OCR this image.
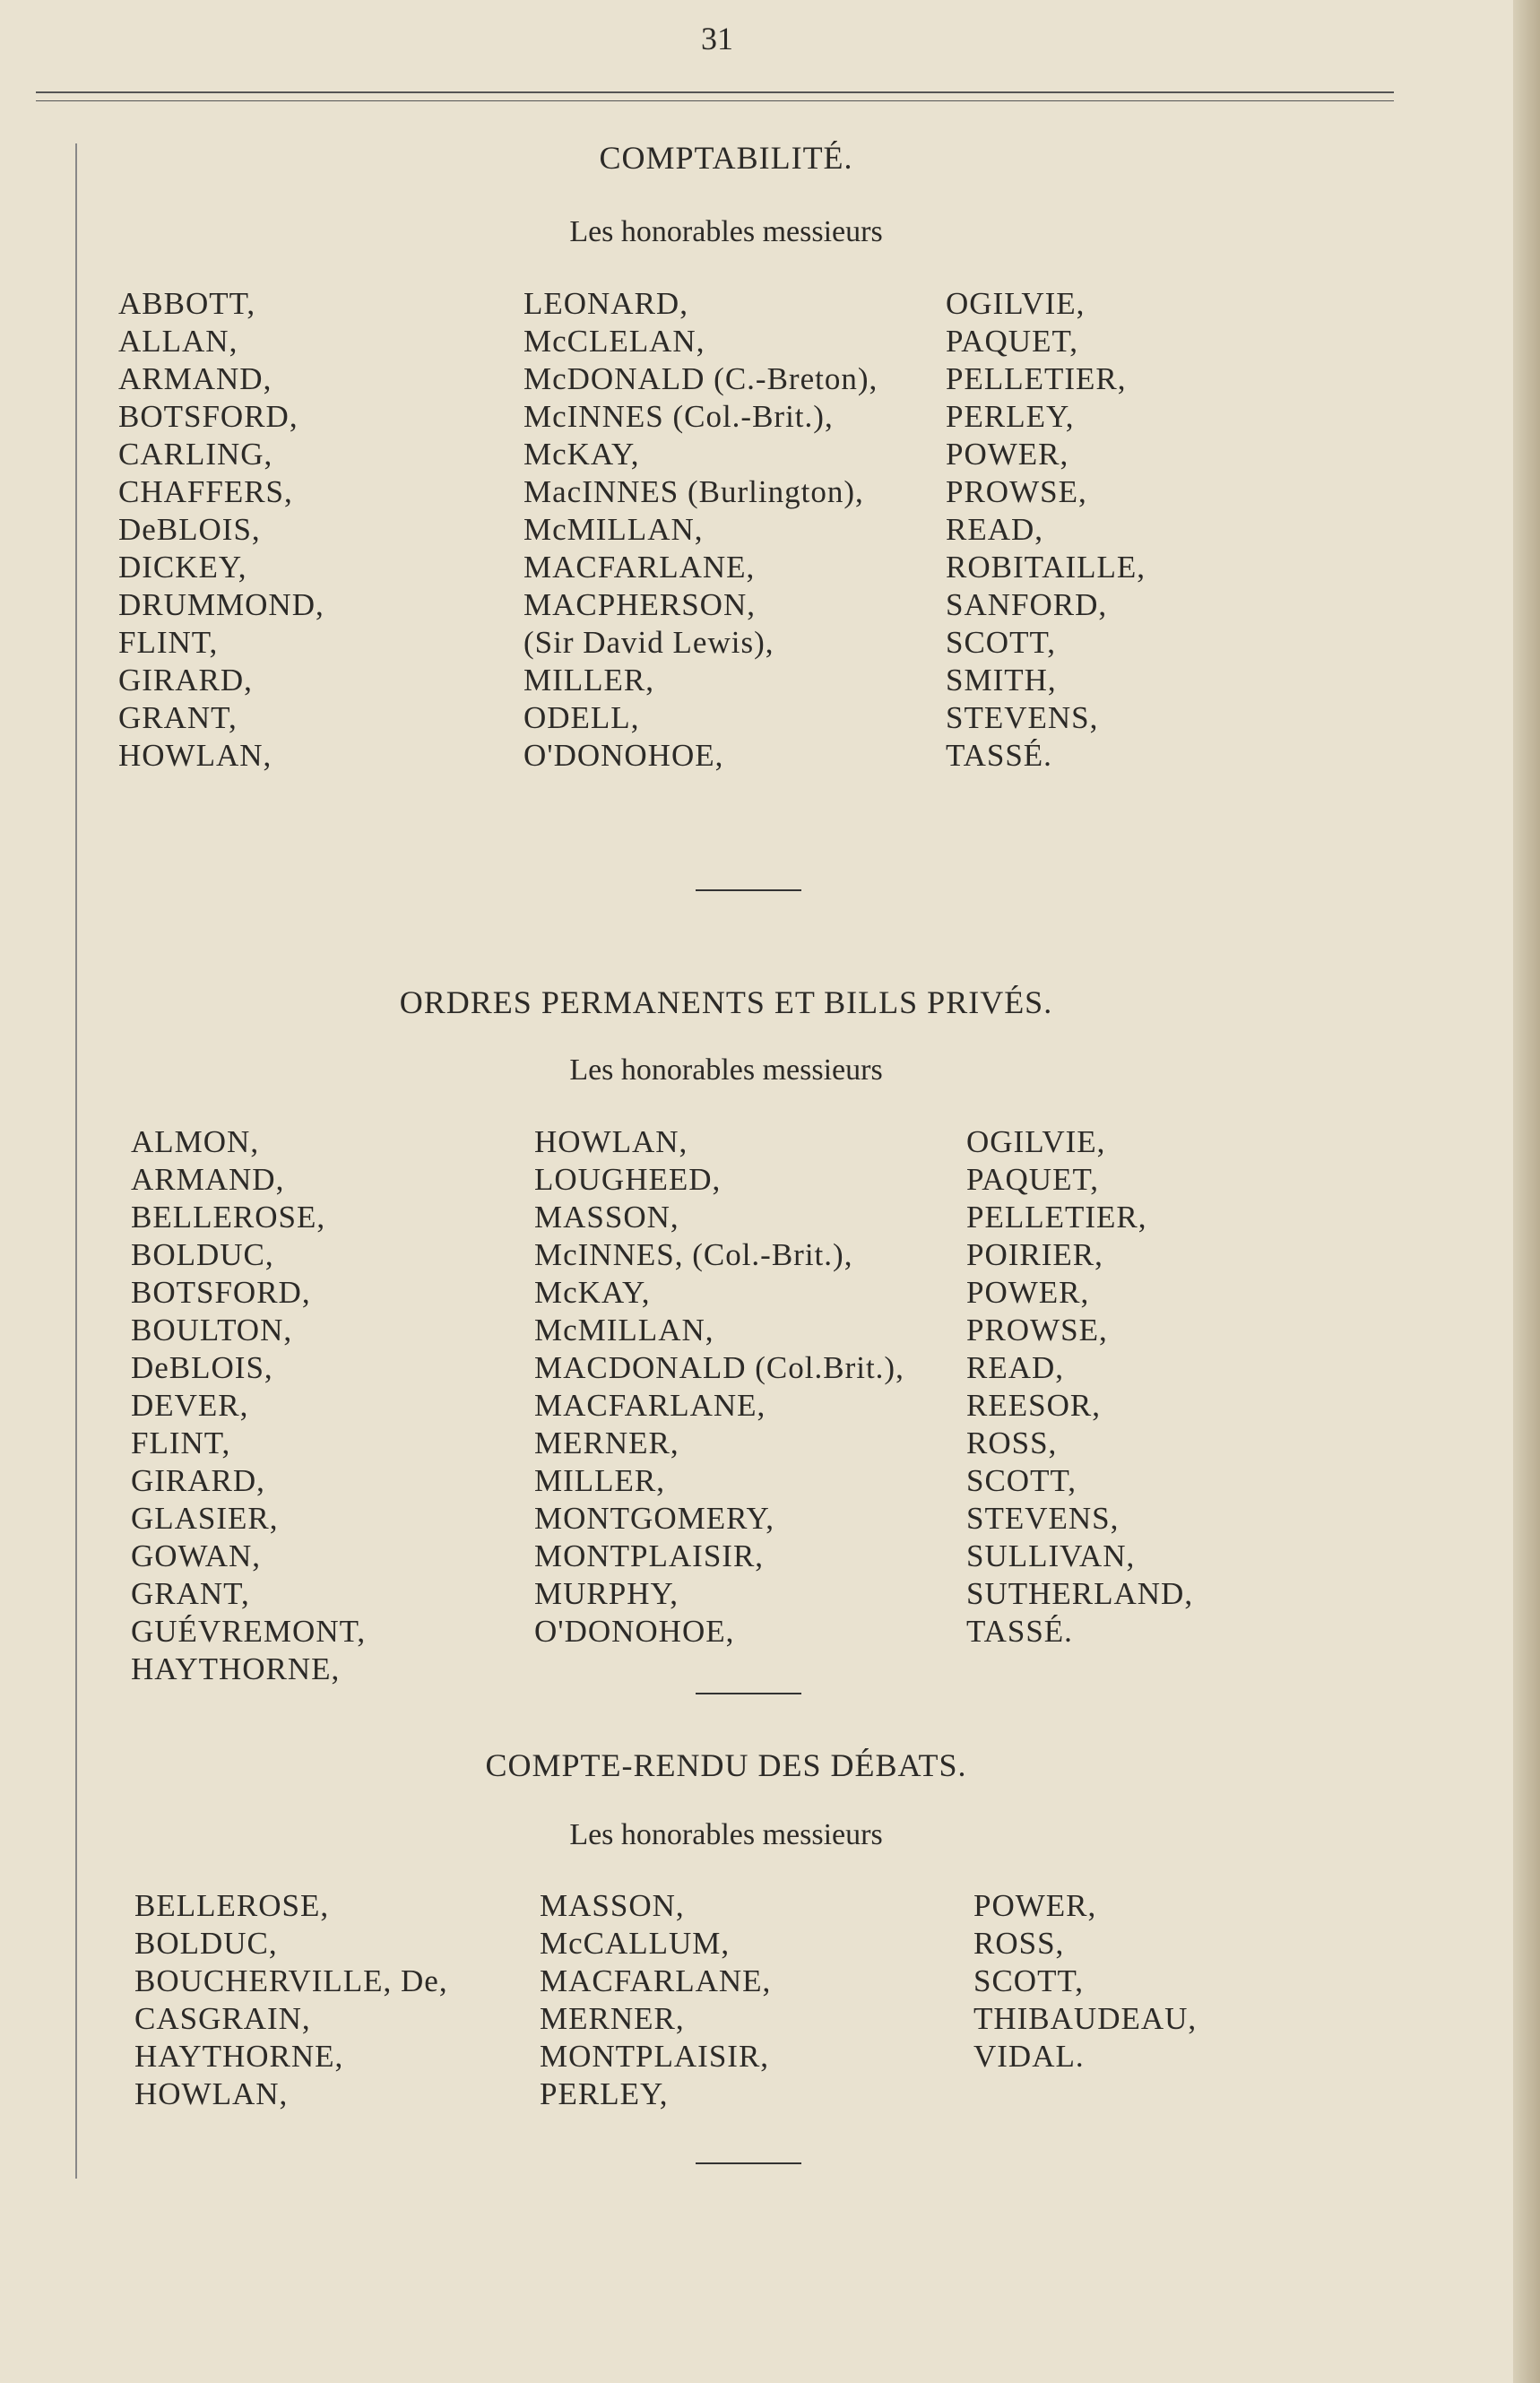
31
COMPTABILITÉ.
Les honorables messieurs
ABBOTT,
ALLAN,
ARMAND,
BOTSFORD,
CARLING,
CHAFFERS,
DeBLOIS,
DICKEY,
DRUMMOND,
FLINT,
GIRARD,
GRANT,
HOWLAN,
LEONARD,
McCLELAN,
McDONALD (C.-Breton),
McINNES (Col.-Brit.),
McKAY,
MacINNES (Burlington),
McMILLAN,
MACFARLANE,
MACPHERSON,
(Sir David Lewis),
MILLER,
ODELL,
O'DONOHOE,
OGILVIE,
PAQUET,
PELLETIER,
PERLEY,
POWER,
PROWSE,
READ,
ROBITAILLE,
SANFORD,
SCOTT,
SMITH,
STEVENS,
TASSÉ.
ORDRES PERMANENTS ET BILLS PRIVÉS.
Les honorables messieurs
ALMON,
ARMAND,
BELLEROSE,
BOLDUC,
BOTSFORD,
BOULTON,
DeBLOIS,
DEVER,
FLINT,
GIRARD,
GLASIER,
GOWAN,
GRANT,
GUÉVREMONT,
HAYTHORNE,
HOWLAN,
LOUGHEED,
MASSON,
McINNES, (Col.-Brit.),
McKAY,
McMILLAN,
MACDONALD (Col.Brit.),
MACFARLANE,
MERNER,
MILLER,
MONTGOMERY,
MONTPLAISIR,
MURPHY,
O'DONOHOE,
OGILVIE,
PAQUET,
PELLETIER,
POIRIER,
POWER,
PROWSE,
READ,
REESOR,
ROSS,
SCOTT,
STEVENS,
SULLIVAN,
SUTHERLAND,
TASSÉ.
COMPTE-RENDU DES DÉBATS.
Les honorables messieurs
BELLEROSE,
BOLDUC,
BOUCHERVILLE, De,
CASGRAIN,
HAYTHORNE,
HOWLAN,
MASSON,
McCALLUM,
MACFARLANE,
MERNER,
MONTPLAISIR,
PERLEY,
POWER,
ROSS,
SCOTT,
THIBAUDEAU,
VIDAL.
